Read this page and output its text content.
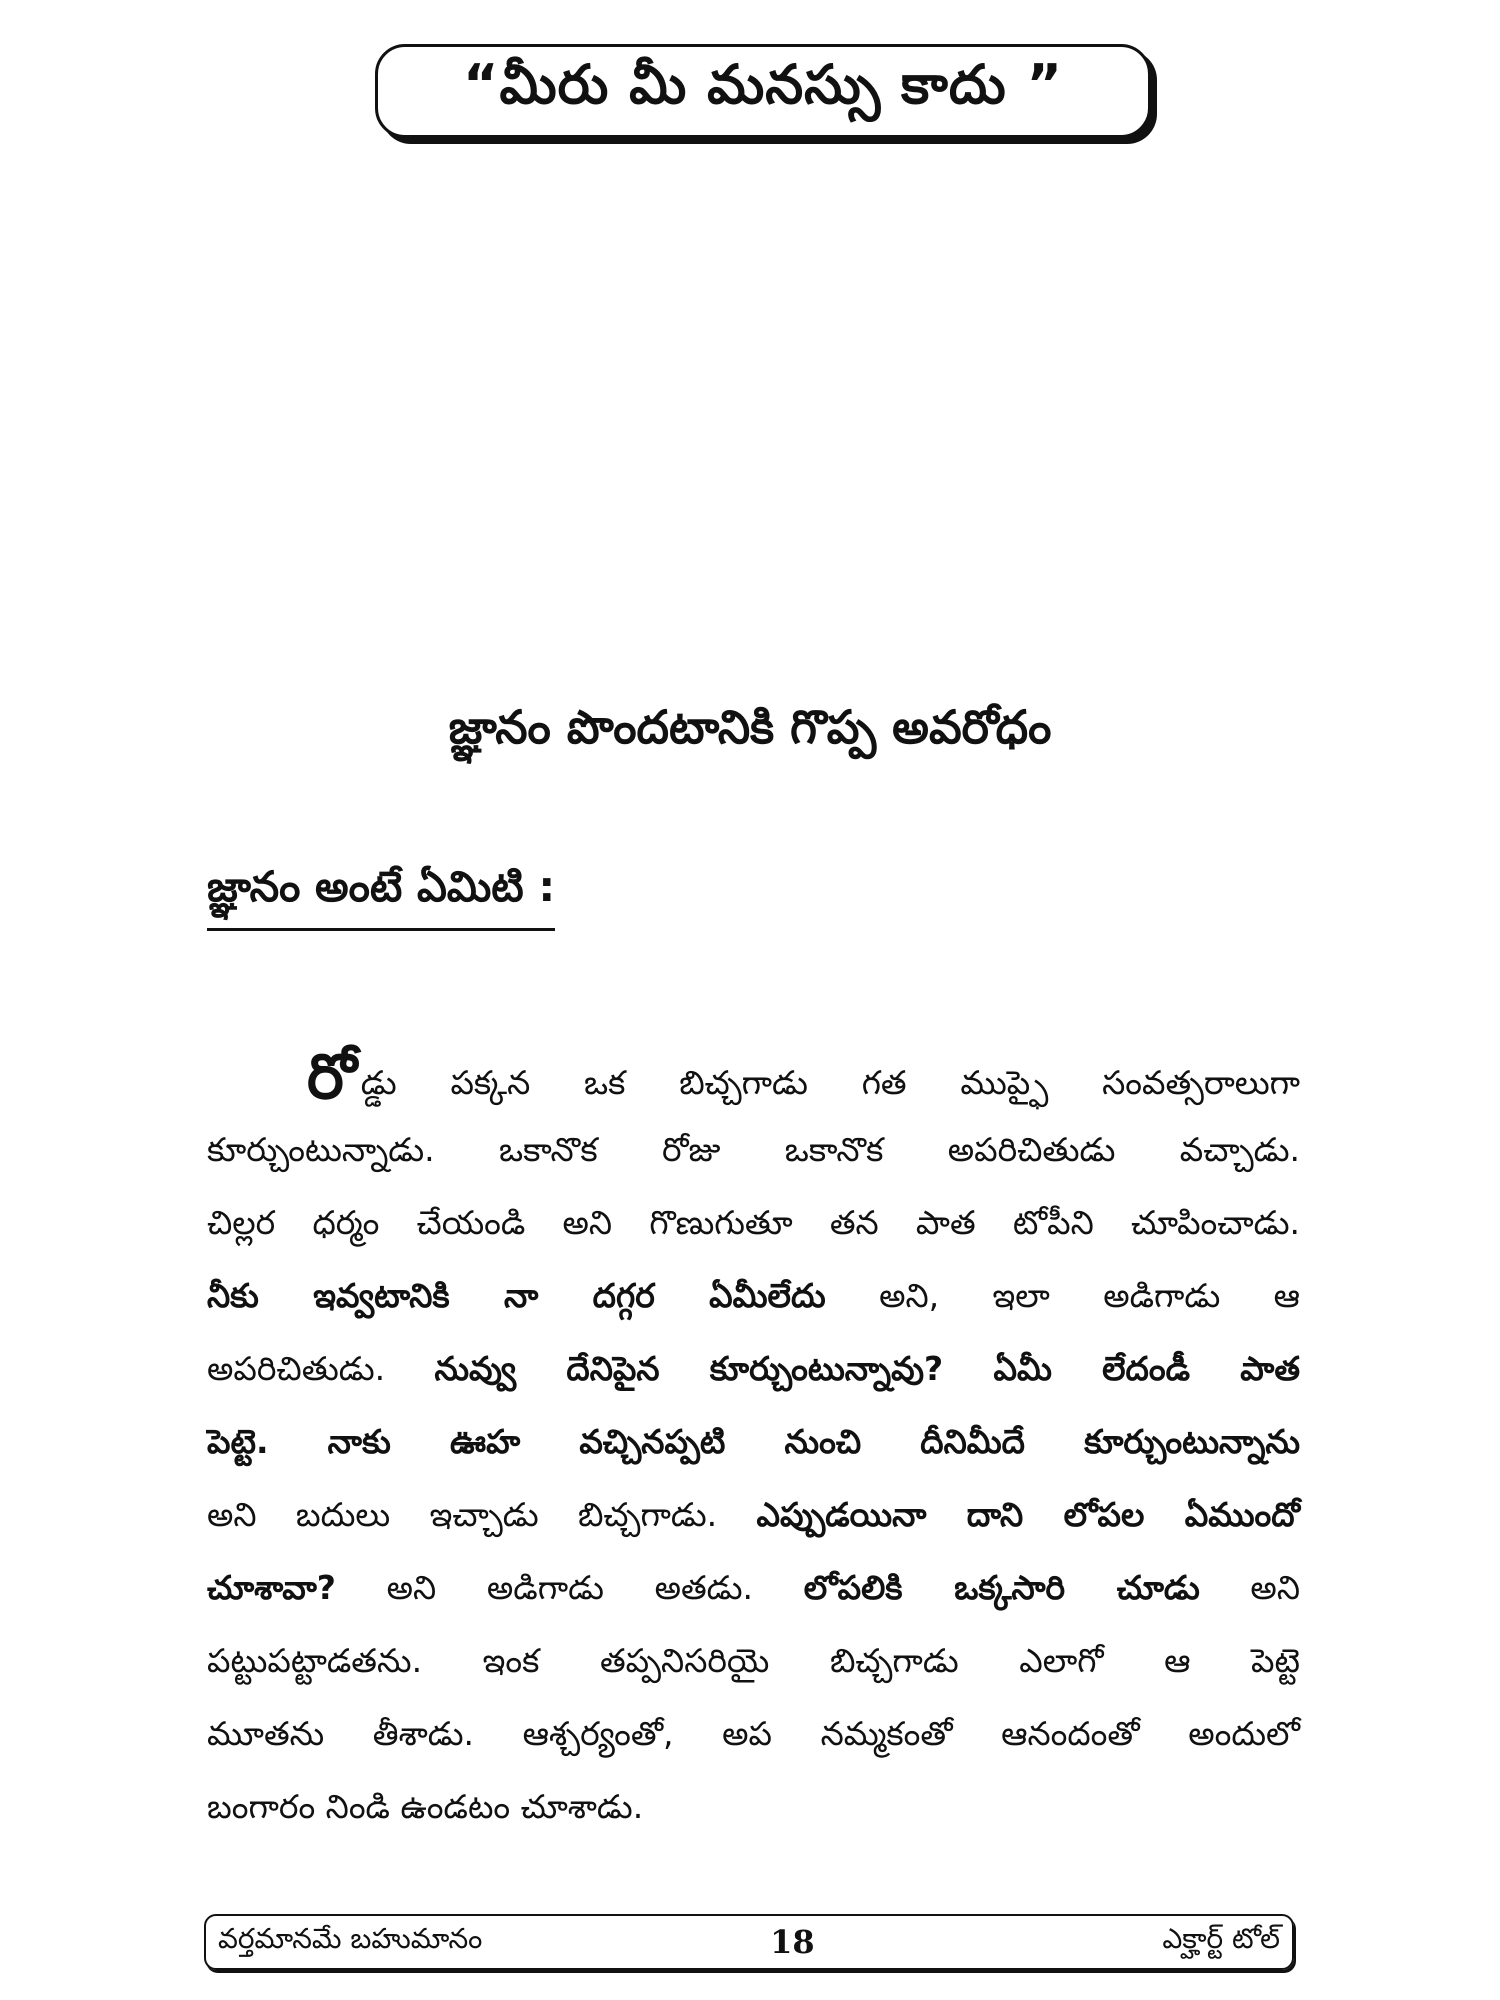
“మీరు మీ మనస్సు కాదు ”
జ్ఞానం పొందటానికి గొప్ప అవరోధం
జ్ఞానం అంటే ఏమిటి :
రోడ్డు పక్కన ఒక బిచ్చగాడు గత ముప్ఫై సంవత్సరాలుగా
కూర్చుంటున్నాడు. ఒకానొక రోజు ఒకానొక అపరిచితుడు వచ్చాడు.
చిల్లర ధర్మం చేయండి అని గొణుగుతూ తన పాత టోపీని చూపించాడు.
నీకు ఇవ్వటానికి నా దగ్గర ఏమీలేదు అని, ఇలా అడిగాడు ఆ
అపరిచితుడు. నువ్వు దేనిపైన కూర్చుంటున్నావు? ఏమీ లేదండీ పాత
పెట్టె. నాకు ఊహ వచ్చినప్పటి నుంచి దీనిమీదే కూర్చుంటున్నాను
అని బదులు ఇచ్చాడు బిచ్చగాడు. ఎప్పుడయినా దాని లోపల ఏముందో
చూశావా? అని అడిగాడు అతడు. లోపలికి ఒక్కసారి చూడు అని
పట్టుపట్టాడతను. ఇంక తప్పనిసరియై బిచ్చగాడు ఎలాగో ఆ పెట్టె
మూతను తీశాడు. ఆశ్చర్యంతో, అప నమ్మకంతో ఆనందంతో అందులో
బంగారం నిండి ఉండటం చూశాడు.
వర్తమానమే బహుమానం	18	ఎక్హార్ట్ టోల్
